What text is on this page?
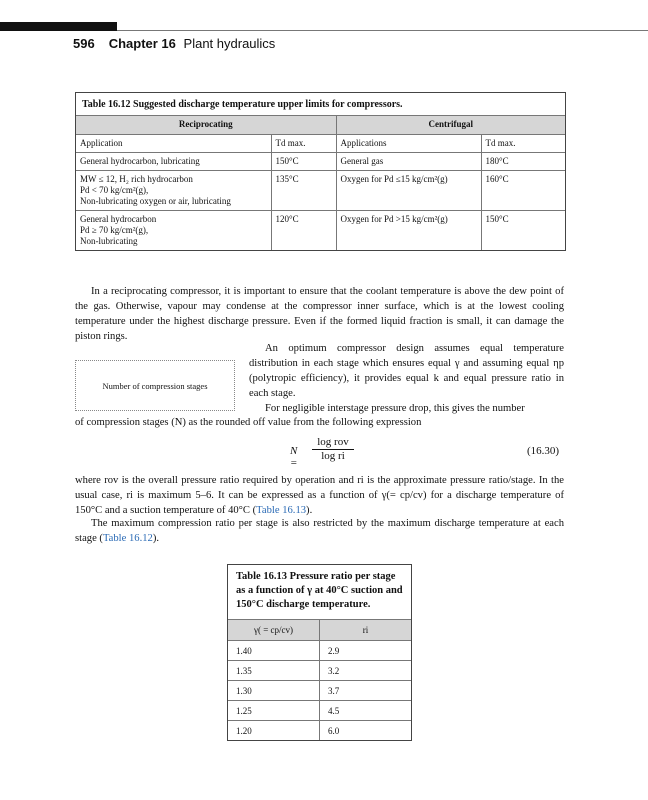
596 Chapter 16 Plant hydraulics
Table 16.12 Suggested discharge temperature upper limits for compressors.
Reciprocating		Centrifugal	
Application	Td max.	Applications	Td max.

General hydrocarbon, lubricating	150°C	General gas	180°C

MW ≤ 12, H₂ rich hydrocarbon
Pd < 70 kg/cm²(g),
Non-lubricating oxygen or air, lubricating	135°C	Oxygen for Pd ≤15 kg/cm²(g)	160°C

General hydrocarbon
Pd ≥ 70 kg/cm²(g),
Non-lubricating	120°C	Oxygen for Pd >15 kg/cm²(g)	150°C
In a reciprocating compressor, it is important to ensure that the coolant temperature is above the dew point of the gas. Otherwise, vapour may condense at the compressor inner surface, which is at the lowest cooling temperature under the highest discharge pressure. Even if the formed liquid fraction is small, it can damage the piston rings.
Number of compression stages
An optimum compressor design assumes equal temperature distribution in each stage which ensures equal γ and assuming equal ηp (polytropic efficiency), it provides equal k and equal pressure ratio in each stage.
For negligible interstage pressure drop, this gives the number
of compression stages (N) as the rounded off value from the following expression
N =
log rov
log ri	(16.30)
where rov is the overall pressure ratio required by operation and ri is the approximate pressure ratio/stage. In the usual case, ri is maximum 5–6. It can be expressed as a function of γ(= cp/cv) for a discharge temperature of 150°C and a suction temperature of 40°C (Table 16.13).
The maximum compression ratio per stage is also restricted by the maximum discharge temperature at each stage (Table 16.12).
Table 16.13 Pressure ratio per stage as a function of γ at 40°C suction and 150°C discharge temperature.
γ( = cp/cv)	ri
1.40	2.9
1.35	3.2
1.30	3.7
1.25	4.5
1.20	6.0
